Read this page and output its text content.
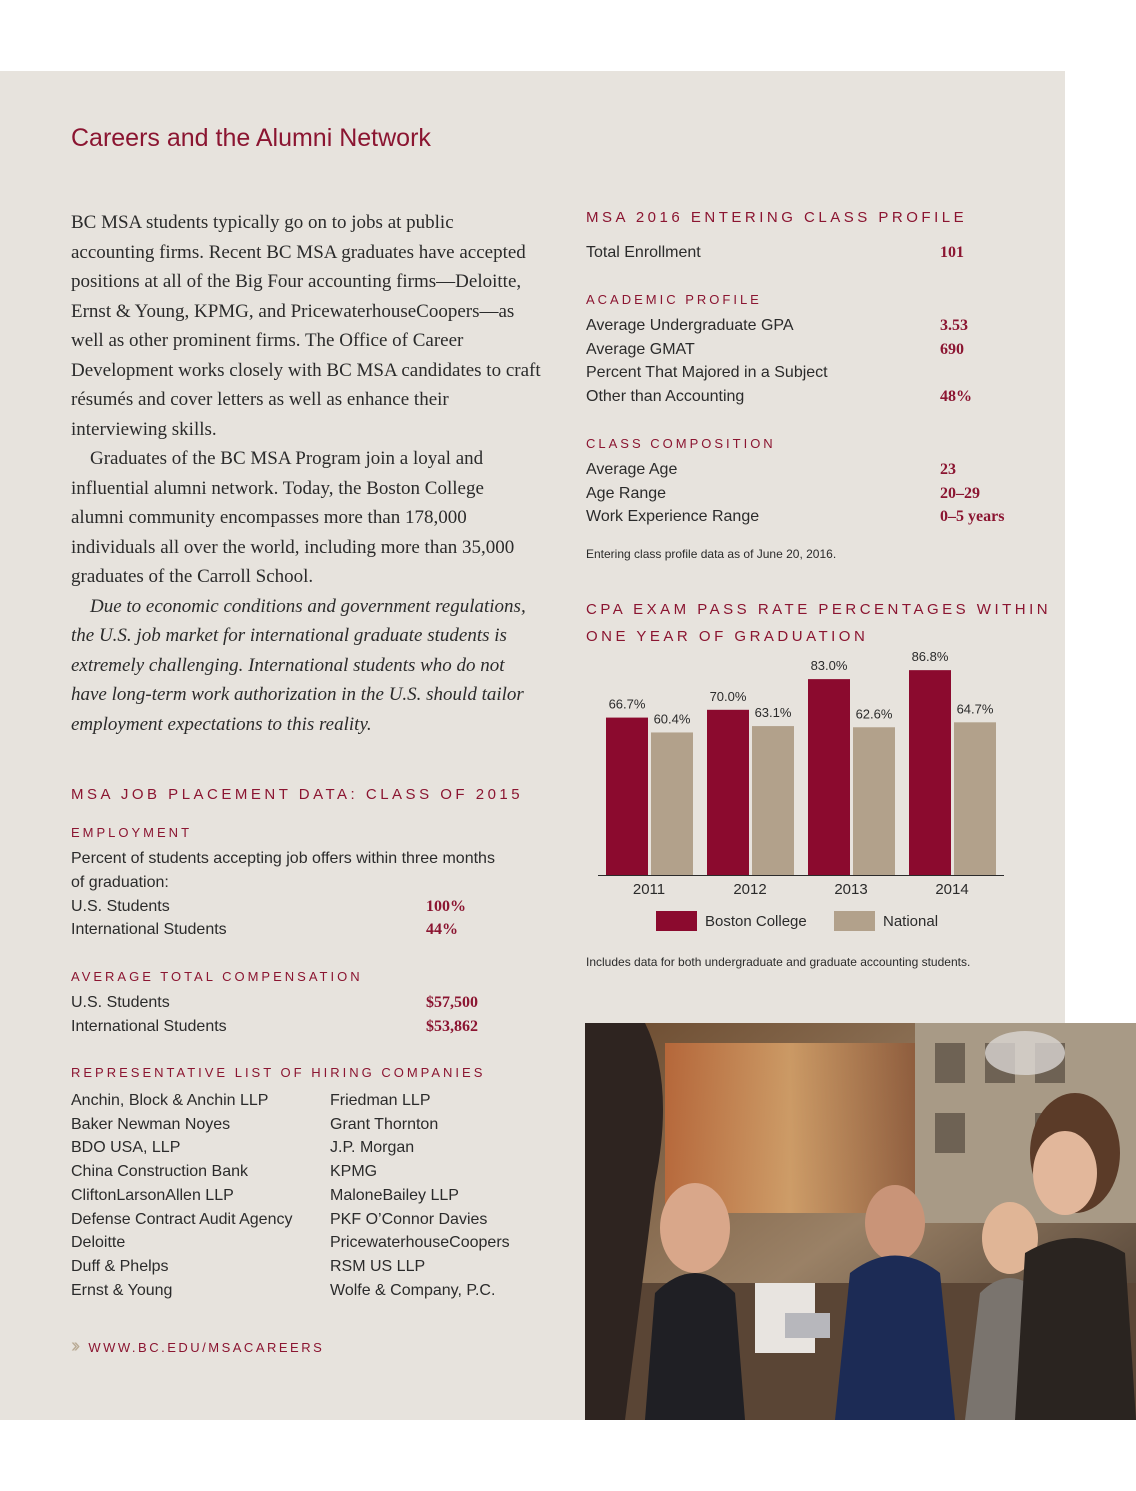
Careers and the Alumni Network

BC MSA students typically go on to jobs at public accounting firms. Recent BC MSA graduates have accepted positions at all of the Big Four accounting firms—Deloitte, Ernst & Young, KPMG, and PricewaterhouseCoopers—as well as other prominent firms. The Office of Career Development works closely with BC MSA candidates to craft résumés and cover letters as well as enhance their interviewing skills.

Graduates of the BC MSA Program join a loyal and influential alumni network. Today, the Boston College alumni community encompasses more than 178,000 individuals all over the world, including more than 35,000 graduates of the Carroll School.

Due to economic conditions and government regulations, the U.S. job market for international graduate students is extremely challenging. International students who do not have long-term work authorization in the U.S. should tailor employment expectations to this reality.

MSA JOB PLACEMENT DATA: CLASS OF 2015
EMPLOYMENT
Percent of students accepting job offers within three months
of graduation:
U.S. Students	100%
International Students	44%
AVERAGE TOTAL COMPENSATION
U.S. Students	$57,500
International Students	$53,862
REPRESENTATIVE LIST OF HIRING COMPANIES
Anchin, Block & Anchin LLP
Baker Newman Noyes
BDO USA, LLP
China Construction Bank
CliftonLarsonAllen LLP
Defense Contract Audit Agency
Deloitte
Duff & Phelps
Ernst & Young
Friedman LLP
Grant Thornton
J.P. Morgan
KPMG
MaloneBailey LLP
PKF O’Connor Davies
PricewaterhouseCoopers
RSM US LLP
Wolfe & Company, P.C.
›› WWW.BC.EDU/MSACAREERS
MSA 2016 ENTERING CLASS PROFILE
Total Enrollment	101
ACADEMIC PROFILE
Average Undergraduate GPA	3.53
Average GMAT	690
Percent That Majored in a Subject
Other than Accounting	48%
CLASS COMPOSITION
Average Age	23
Age Range	20–29
Work Experience Range	0–5 years
Entering class profile data as of June 20, 2016.
CPA EXAM PASS RATE PERCENTAGES WITHIN
ONE YEAR OF GRADUATION
66.7%
60.4%
2011
70.0%
63.1%
2012
83.0%
62.6%
2013
86.8%
64.7%
2014
Boston College	National
Includes data for both undergraduate and graduate accounting students.
